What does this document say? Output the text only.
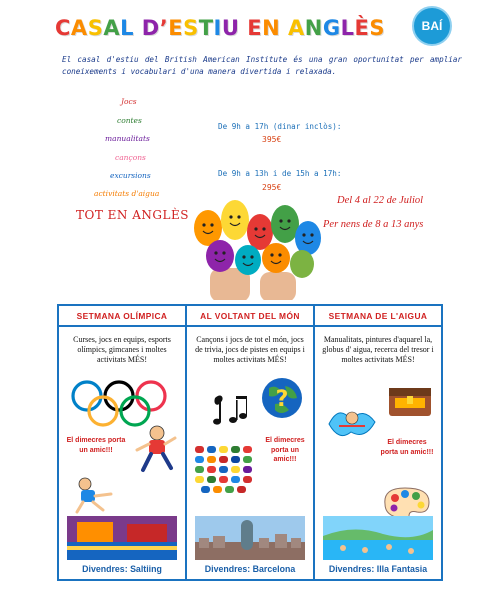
CASAL D’ESTIU EN ANGLÈS	BAÍ

El casal d'estiu del British American Institute és una gran oportunitat per ampliar coneixements i vocabulari d'una manera divertida i relaxada.

Jocs
contes
manualitats
cançons
excursions
activitats d'aigua
De 9h a 17h (dinar inclòs):
395€
De 9h a 13h i de 15h a 17h:
295€
TOT EN ANGLÈS
Del 4 al 22 de Juliol
Per nens de 8 a 13 anys
SETMANA OLÍMPICA
Curses, jocs en equips, esports olímpics, gimcanes i moltes activitats MÉS!
El dimecres porta un amic!!!
Divendres: Saltiing
AL VOLTANT DEL MÓN
Cançons i jocs de tot el món, jocs de trivia, jocs de pistes en equips i moltes activitats MÉS!
?
El dimecres porta un amic!!!
Divendres: Barcelona
SETMANA DE L'AIGUA
Manualitats, pintures d'aquarel la, globus d' aigua, recerca del tresor i moltes activitats MÉS!
El dimecres porta un amic!!!
Divendres: Illa Fantasia
